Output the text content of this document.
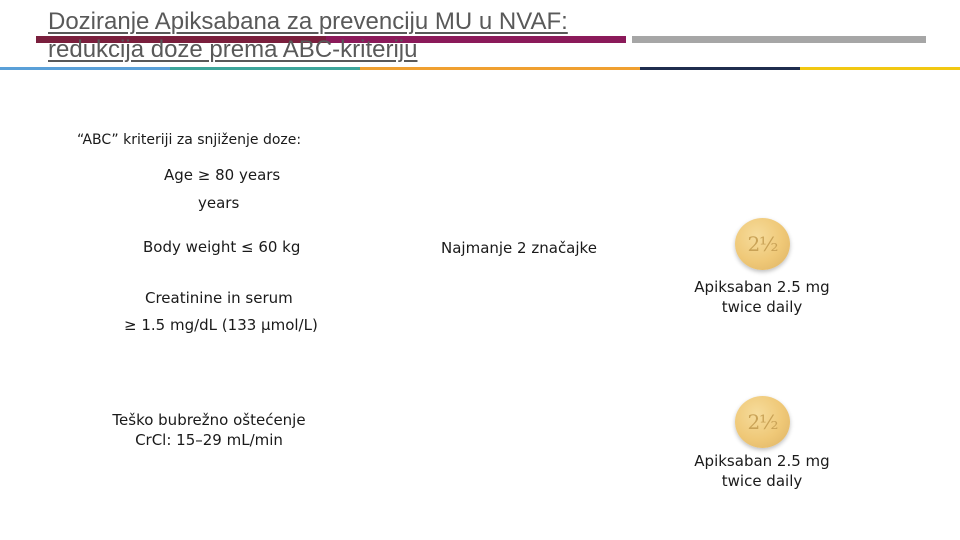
Doziranje Apiksabana za prevenciju MU u NVAF:
redukcija doze prema ABC-kriteriju
“ABC” kriteriji za snjiženje doze:
Age ≥ 80 years
years
Body weight ≤ 60 kg
Creatinine in serum
≥ 1.5 mg/dL (133 µmol/L)
Teško bubrežno oštećenje
CrCl: 15–29 mL/min
Najmanje 2 značajke	2½
Apiksaban 2.5 mg
twice daily
2½
Apiksaban 2.5 mg
twice daily
